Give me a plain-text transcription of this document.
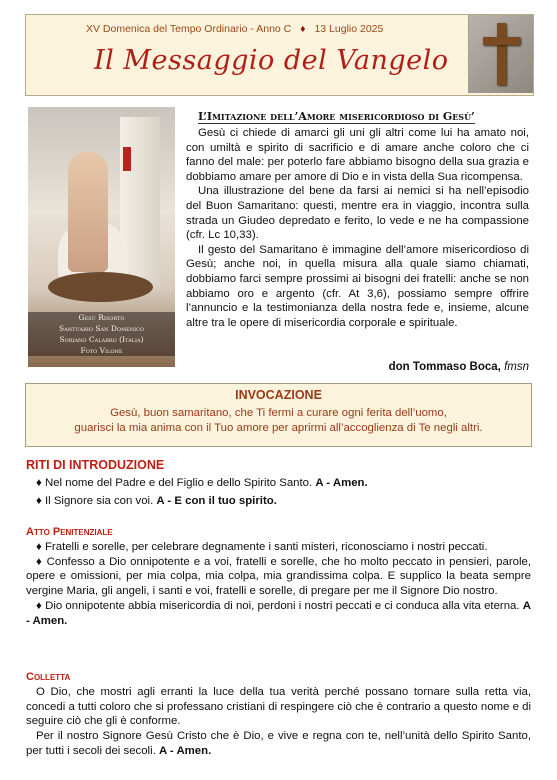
XV Domenica del Tempo Ordinario - Anno C ♦ 13 Luglio 2025
Il Messaggio del Vangelo
Gesù Risorto
Santuario San Domenico
Soriano Calabro (Italia)
Foto Vilone
L’Imitazione dell’Amore misericordioso di Gesù’

Gesù ci chiede di amarci gli uni gli altri come lui ha amato noi, con umiltà e spirito di sacrificio e di amare anche coloro che ci fanno del male: per poterlo fare abbiamo bisogno della sua grazia e dobbiamo amare per amore di Dio e in vista della Sua ricompensa.

Una illustrazione del bene da farsi ai nemici si ha nell’episodio del Buon Samaritano: questi, mentre era in viaggio, incontra sulla strada un Giudeo depredato e ferito, lo vede e ne ha compassione (cfr. Lc 10,33).

Il gesto del Samaritano è immagine dell’amore misericordioso di Gesù; anche noi, in quella misura alla quale siamo chiamati, dobbiamo farci sempre prossimi ai bisogni dei fratelli: anche se non abbiamo oro e argento (cfr. At 3,6), possiamo sempre offrire l’annuncio e la testimonianza della nostra fede e, insieme, alcune altre tra le opere di misericordia corporale e spirituale.

don Tommaso Boca, fmsn
INVOCAZIONE
Gesù, buon samaritano, che Ti fermi a curare ogni ferita dell’uomo,
guarisci la mia anima con il Tuo amore per aprirmi all’accoglienza di Te negli altri.
RITI DI INTRODUZIONE

♦ Nel nome del Padre e del Figlio e dello Spirito Santo. A - Amen.

♦ Il Signore sia con voi. A - E con il tuo spirito.

Atto Penitenziale

♦ Fratelli e sorelle, per celebrare degnamente i santi misteri, riconosciamo i nostri peccati.

♦ Confesso a Dio onnipotente e a voi, fratelli e sorelle, che ho molto peccato in pensieri, parole, opere e omissioni, per mia colpa, mia colpa, mia grandissima colpa. E supplico la beata sempre vergine Maria, gli angeli, i santi e voi, fratelli e sorelle, di pregare per me il Signore Dio nostro.

♦ Dio onnipotente abbia misericordia di noi, perdoni i nostri peccati e ci conduca alla vita eterna. A - Amen.

Colletta

O Dio, che mostri agli erranti la luce della tua verità perché possano tornare sulla retta via, concedi a tutti coloro che si professano cristiani di respingere ciò che è contrario a questo nome e di seguire ciò che gli è conforme.

Per il nostro Signore Gesù Cristo che è Dio, e vive e regna con te, nell’unità dello Spirito Santo, per tutti i secoli dei secoli. A - Amen.
